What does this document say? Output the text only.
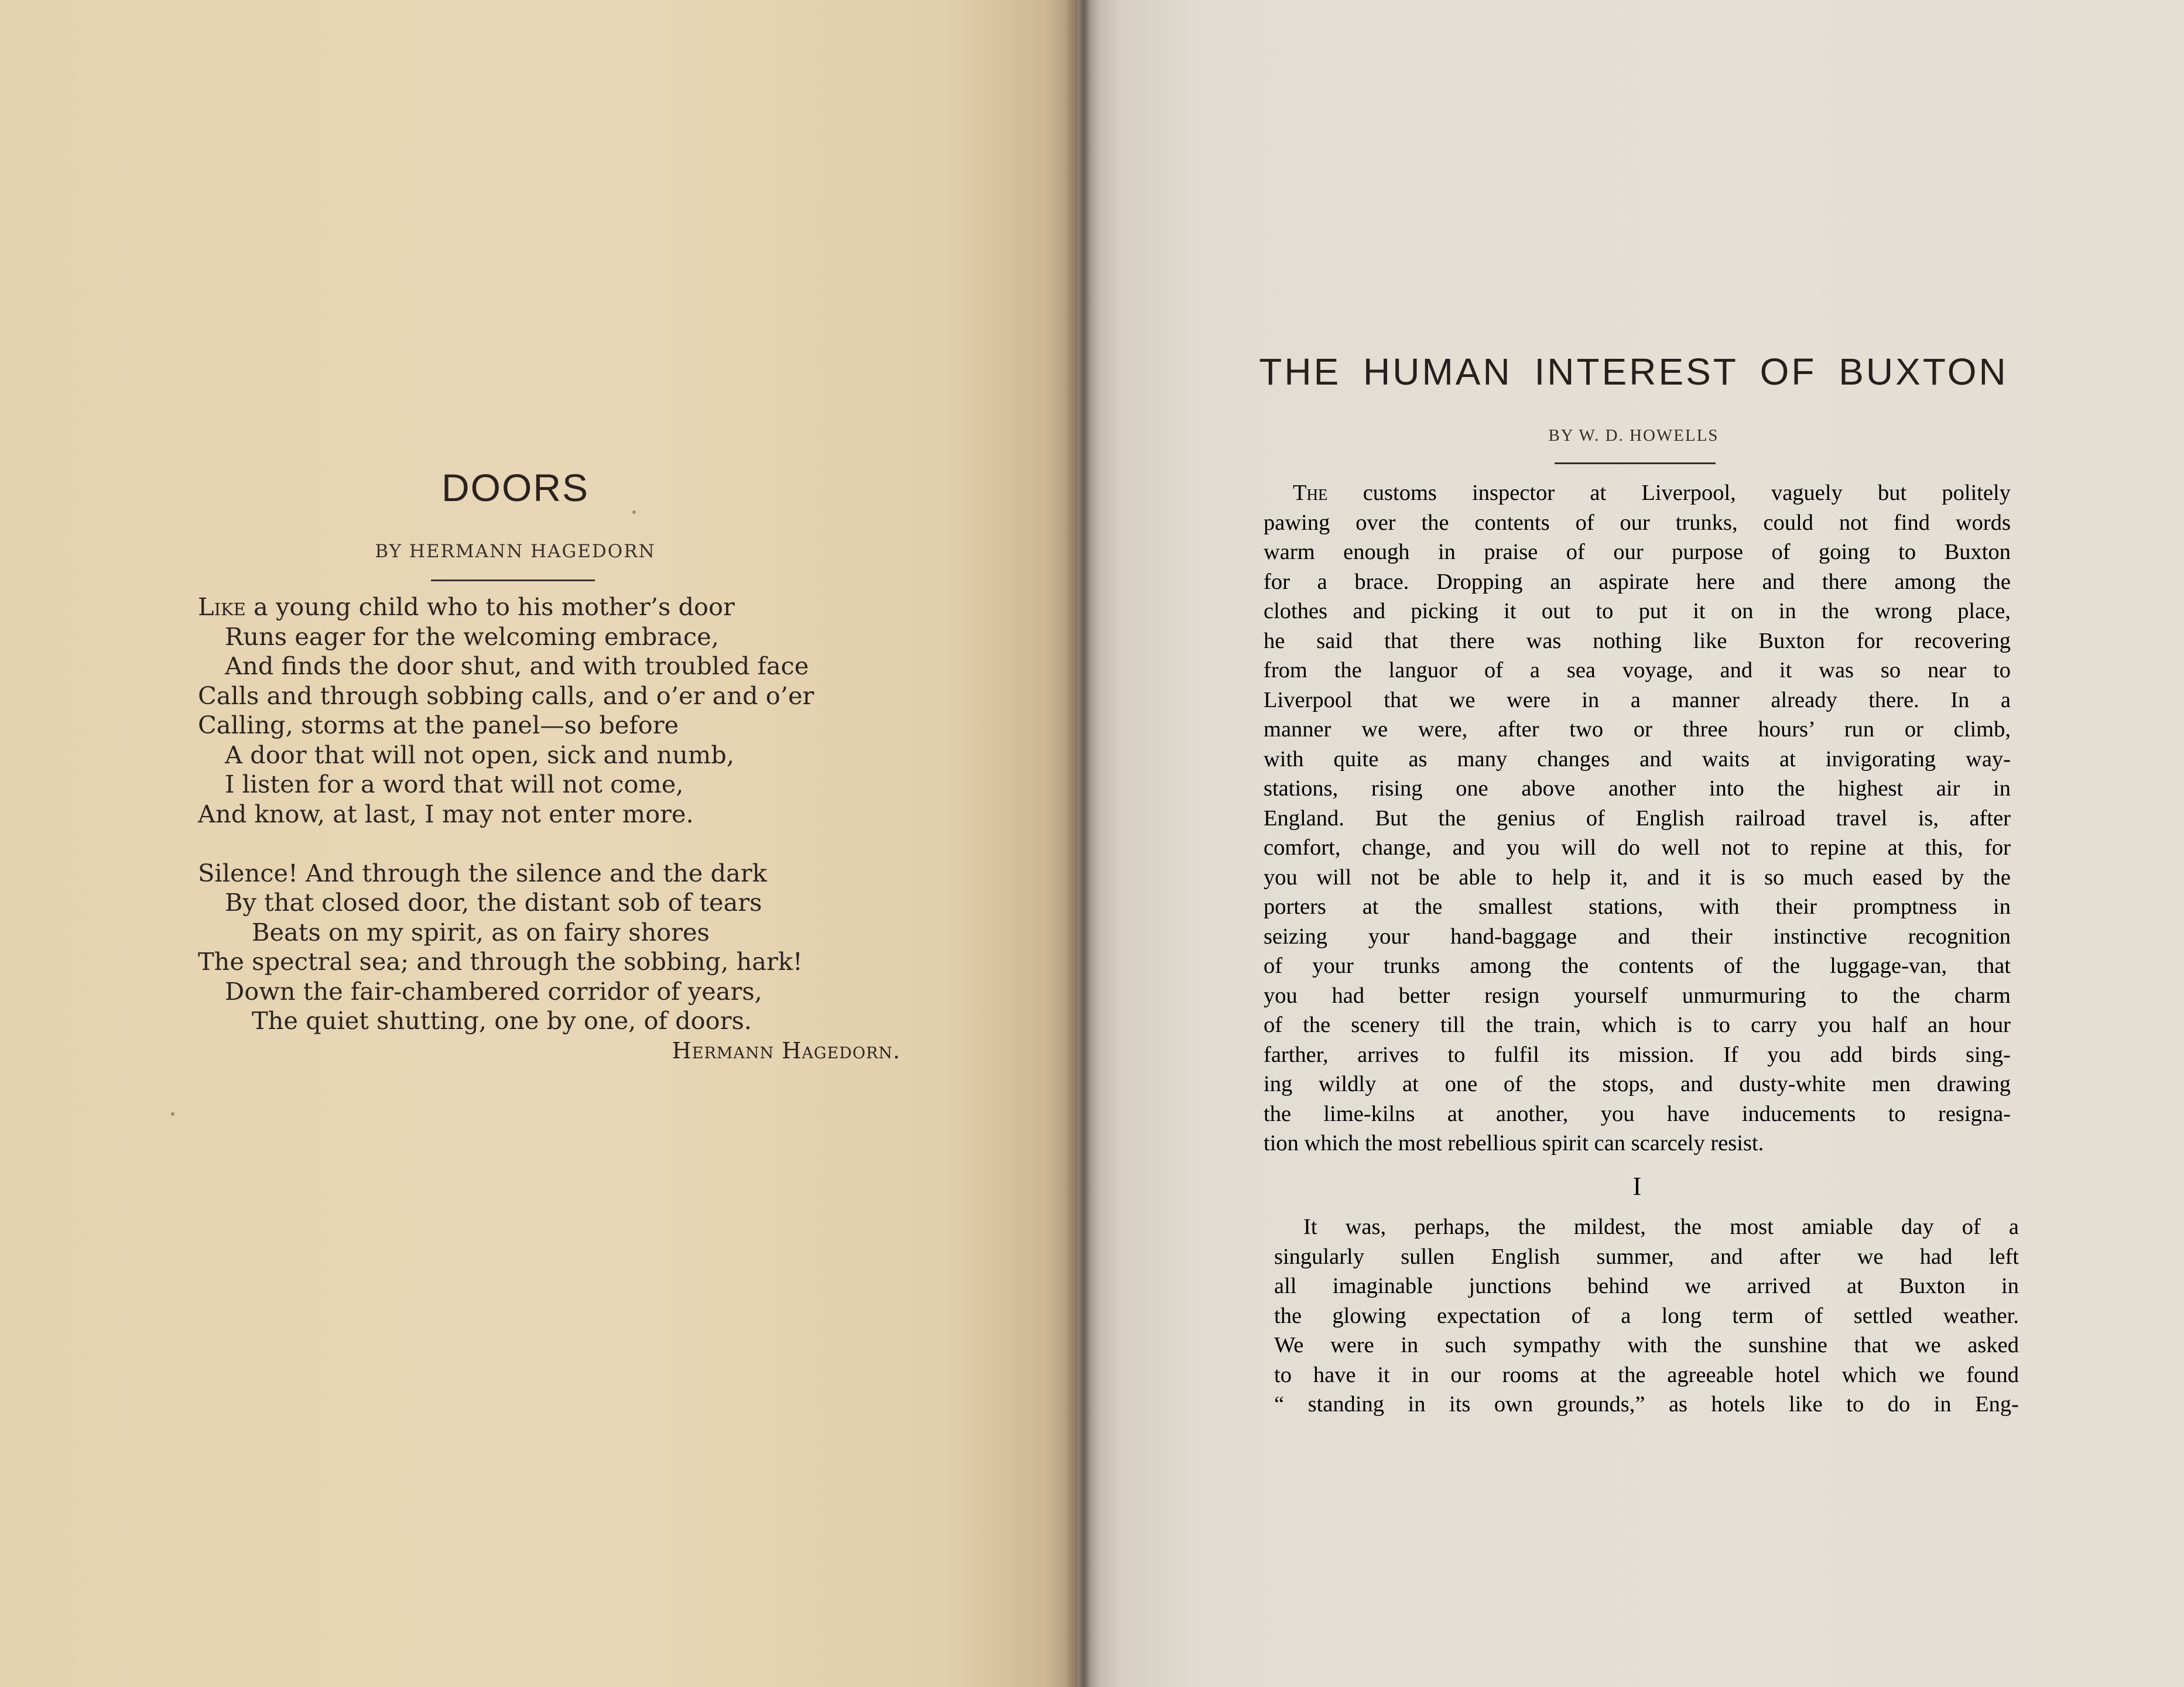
DOORS
BY HERMANN HAGEDORN
Like a young child who to his mother’s door
Runs eager for the welcoming embrace,
And finds the door shut, and with troubled face
Calls and through sobbing calls, and o’er and o’er
Calling, storms at the panel—so before
A door that will not open, sick and numb,
I listen for a word that will not come,
And know, at last, I may not enter more.
Silence! And through the silence and the dark
By that closed door, the distant sob of tears
Beats on my spirit, as on fairy shores
The spectral sea; and through the sobbing, hark!
Down the fair-chambered corridor of years,
The quiet shutting, one by one, of doors.
Hermann Hagedorn.
THE HUMAN INTEREST OF BUXTON
BY W. D. HOWELLS
The customs inspector at Liverpool, vaguely but politely
pawing over the contents of our trunks, could not find words
warm enough in praise of our purpose of going to Buxton
for a brace. Dropping an aspirate here and there among the
clothes and picking it out to put it on in the wrong place,
he said that there was nothing like Buxton for recovering
from the languor of a sea voyage, and it was so near to
Liverpool that we were in a manner already there. In a
manner we were, after two or three hours’ run or climb,
with quite as many changes and waits at invigorating way-
stations, rising one above another into the highest air in
England. But the genius of English railroad travel is, after
comfort, change, and you will do well not to repine at this, for
you will not be able to help it, and it is so much eased by the
porters at the smallest stations, with their promptness in
seizing your hand-baggage and their instinctive recognition
of your trunks among the contents of the luggage-van, that
you had better resign yourself unmurmuring to the charm
of the scenery till the train, which is to carry you half an hour
farther, arrives to fulfil its mission. If you add birds sing-
ing wildly at one of the stops, and dusty-white men drawing
the lime-kilns at another, you have inducements to resigna-
tion which the most rebellious spirit can scarcely resist.
I
It was, perhaps, the mildest, the most amiable day of a
singularly sullen English summer, and after we had left
all imaginable junctions behind we arrived at Buxton in
the glowing expectation of a long term of settled weather.
We were in such sympathy with the sunshine that we asked
to have it in our rooms at the agreeable hotel which we found
“ standing in its own grounds,” as hotels like to do in Eng-
